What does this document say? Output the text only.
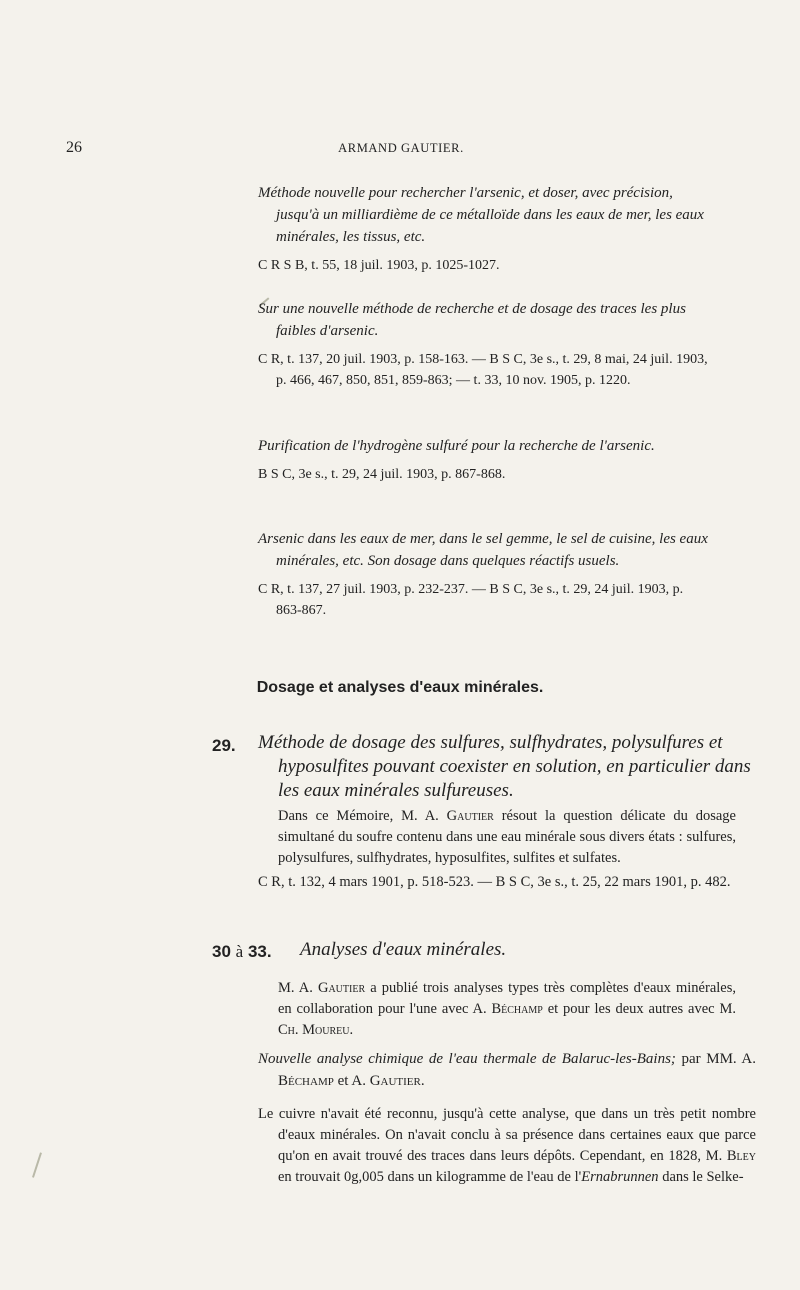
26	ARMAND GAUTIER.

Méthode nouvelle pour rechercher l'arsenic, et doser, avec précision, jusqu'à un milliardième de ce métalloïde dans les eaux de mer, les eaux minérales, les tissus, etc.

C R S B, t. 55, 18 juil. 1903, p. 1025-1027.

Sur une nouvelle méthode de recherche et de dosage des traces les plus faibles d'arsenic.

C R, t. 137, 20 juil. 1903, p. 158-163. — B S C, 3e s., t. 29, 8 mai, 24 juil. 1903, p. 466, 467, 850, 851, 859-863; — t. 33, 10 nov. 1905, p. 1220.

Purification de l'hydrogène sulfuré pour la recherche de l'arsenic.

B S C, 3e s., t. 29, 24 juil. 1903, p. 867-868.

Arsenic dans les eaux de mer, dans le sel gemme, le sel de cuisine, les eaux minérales, etc. Son dosage dans quelques réactifs usuels.

C R, t. 137, 27 juil. 1903, p. 232-237. — B S C, 3e s., t. 29, 24 juil. 1903, p. 863-867.

Dosage et analyses d'eaux minérales.
29. Méthode de dosage des sulfures, sulfhydrates, polysulfures et hyposulfites pouvant coexister en solution, en particulier dans les eaux minérales sulfureuses.

Dans ce Mémoire, M. A. Gautier résout la question délicate du dosage simultané du soufre contenu dans une eau minérale sous divers états : sulfures, polysulfures, sulfhydrates, hyposulfites, sulfites et sulfates.

C R, t. 132, 4 mars 1901, p. 518-523. — B S C, 3e s., t. 25, 22 mars 1901, p. 482.

30 à 33. Analyses d'eaux minérales.

M. A. Gautier a publié trois analyses types très complètes d'eaux minérales, en collaboration pour l'une avec A. Béchamp et pour les deux autres avec M. Ch. Moureu.

Nouvelle analyse chimique de l'eau thermale de Balaruc-les-Bains; par MM. A. Béchamp et A. Gautier.

Le cuivre n'avait été reconnu, jusqu'à cette analyse, que dans un très petit nombre d'eaux minérales. On n'avait conclu à sa présence dans certaines eaux que parce qu'on en avait trouvé des traces dans leurs dépôts. Cependant, en 1828, M. Bley en trouvait 0g,005 dans un kilogramme de l'eau de l'Ernabrunnen dans le Selke-
